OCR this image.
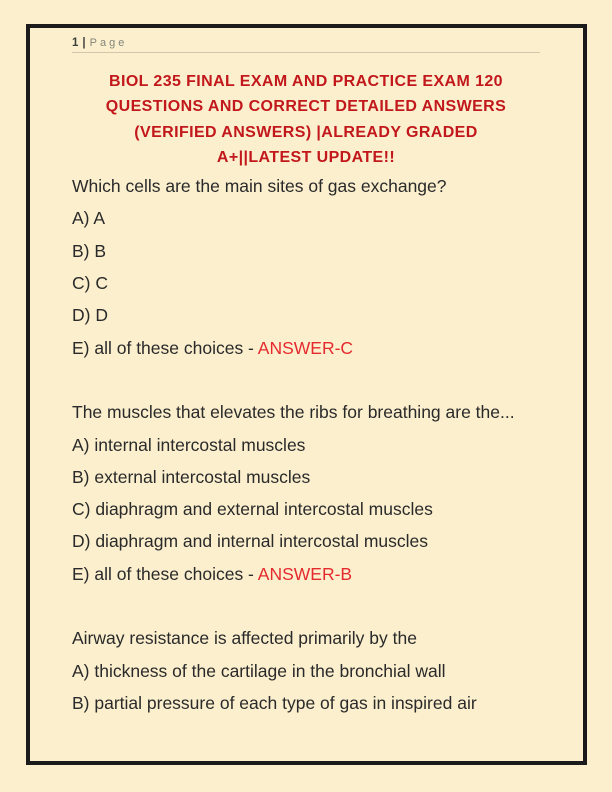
1 | Page
BIOL 235 FINAL EXAM AND PRACTICE EXAM 120
QUESTIONS AND CORRECT DETAILED ANSWERS
(VERIFIED ANSWERS) |ALREADY GRADED
A+||LATEST UPDATE!!
Which cells are the main sites of gas exchange?
A) A
B) B
C) C
D) D
E) all of these choices - ANSWER-C
The muscles that elevates the ribs for breathing are the...
A) internal intercostal muscles
B) external intercostal muscles
C) diaphragm and external intercostal muscles
D) diaphragm and internal intercostal muscles
E) all of these choices - ANSWER-B
Airway resistance is affected primarily by the
A) thickness of the cartilage in the bronchial wall
B) partial pressure of each type of gas in inspired air
